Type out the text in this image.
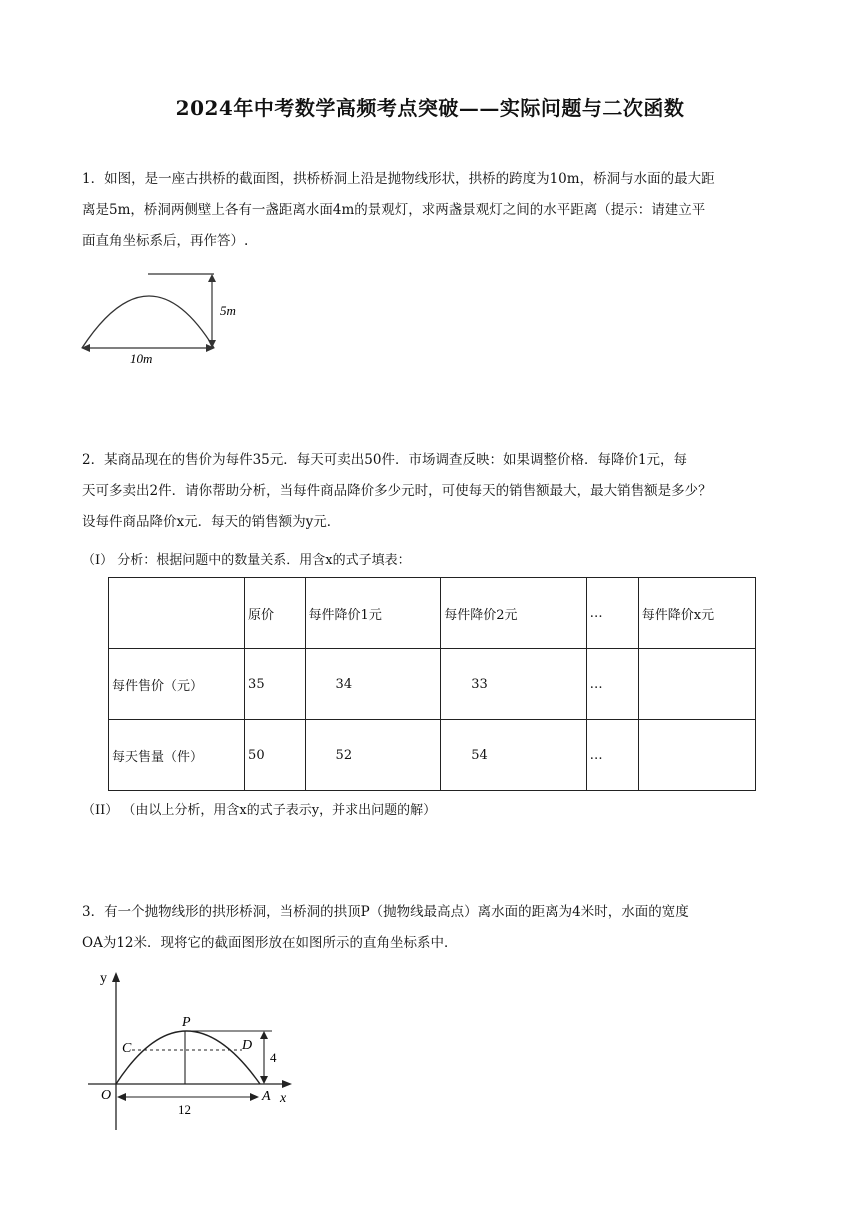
2024年中考数学高频考点突破——实际问题与二次函数

1．如图，是一座古拱桥的截面图，拱桥桥洞上沿是抛物线形状，拱桥的跨度为10m，桥洞与水面的最大距
离是5m，桥洞两侧壁上各有一盏距离水面4m的景观灯，求两盏景观灯之间的水平距离（提示：请建立平
面直角坐标系后，再作答）.

5m
10m

2．某商品现在的售价为每件35元．每天可卖出50件．市场调查反映：如果调整价格．每降价1元，每
天可多卖出2件．请你帮助分析，当每件商品降价多少元时，可使每天的销售额最大，最大销售额是多少？
设每件商品降价x元．每天的销售额为y元．

（I） 分析：根据问题中的数量关系．用含x的式子填表：
	原价	每件降价1元	每件降价2元	…	每件降价x元
每件售价（元）	35	34	33	…	
每天售量（件）	50	52	54	…	
（II） （由以上分析，用含x的式子表示y，并求出问题的解）

3．有一个抛物线形的拱形桥洞，当桥洞的拱顶P（抛物线最高点）离水面的距离为4米时，水面的宽度
OA为12米．现将它的截面图形放在如图所示的直角坐标系中．

y
x
O	A
P
C	D
4
12
